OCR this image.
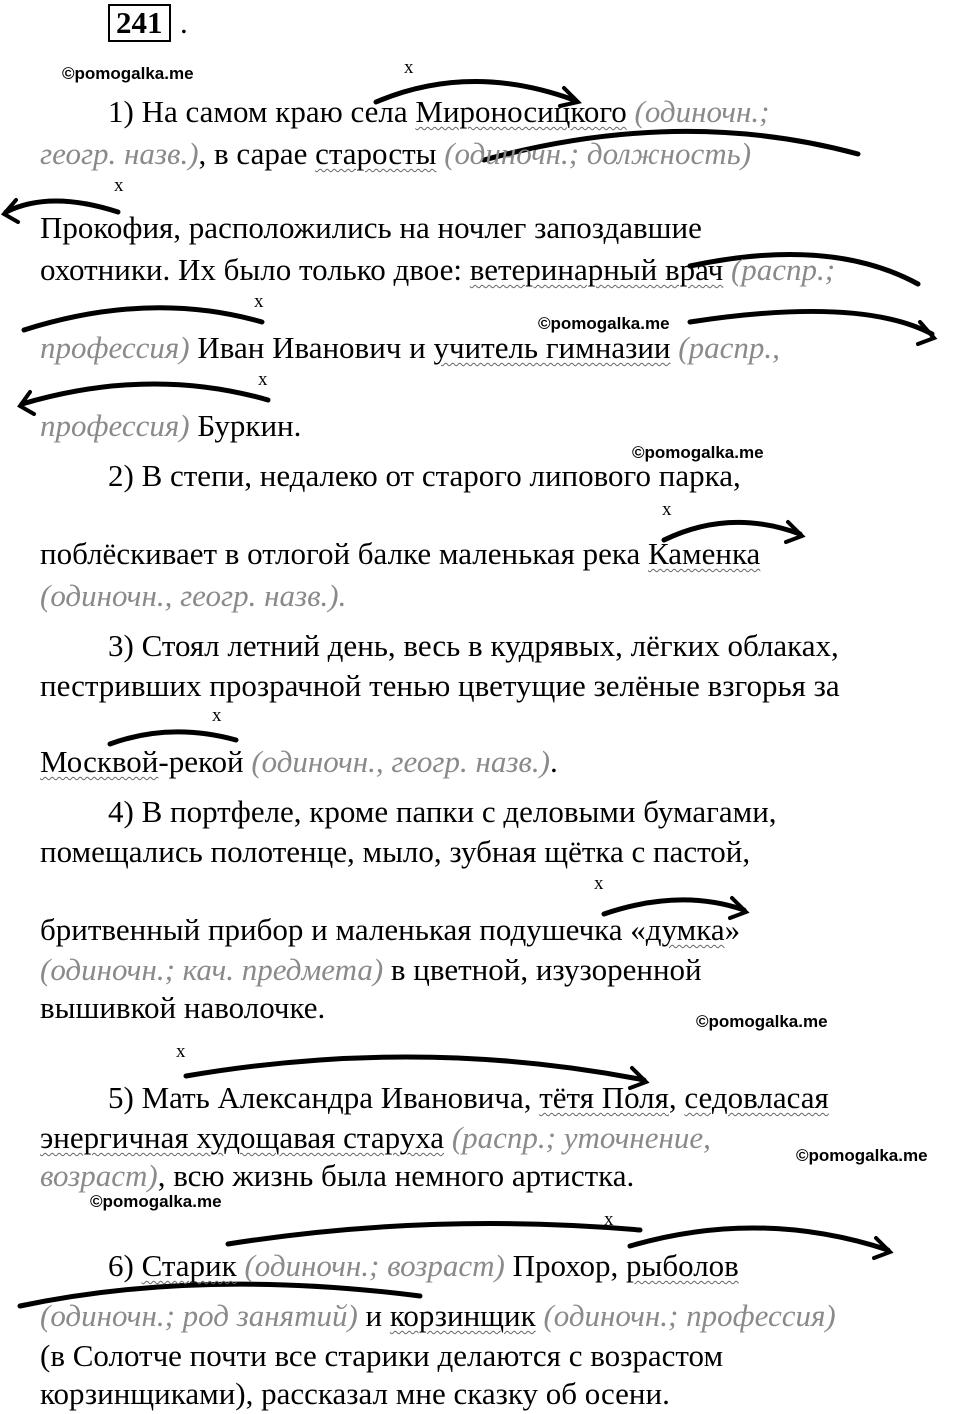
241 .
©pomogalka.me
©pomogalka.me
©pomogalka.me
©pomogalka.me
©pomogalka.me
©pomogalka.me
x
x
x
x
x
x
x
x
x
1) На самом краю села Мироносицкого (одиночн.;
геогр. назв.), в сарае старосты (одиночн.; должность)
Прокофия, расположились на ночлег запоздавшие
охотники. Их было только двое: ветеринарный врач (распр.;
профессия) Иван Иванович и учитель гимназии (распр.,
профессия) Буркин.
2) В степи, недалеко от старого липового парка,
поблёскивает в отлогой балке маленькая река Каменка
(одиночн., геогр. назв.).
3) Стоял летний день, весь в кудрявых, лёгких облаках,
пестривших прозрачной тенью цветущие зелёные взгорья за
Москвой-рекой (одиночн., геогр. назв.).
4) В портфеле, кроме папки с деловыми бумагами,
помещались полотенце, мыло, зубная щётка с пастой,
бритвенный прибор и маленькая подушечка «думка»
(одиночн.; кач. предмета) в цветной, изузоренной
вышивкой наволочке.
5) Мать Александра Ивановича, тётя Поля, седовласая
энергичная худощавая старуха (распр.; уточнение,
возраст), всю жизнь была немного артистка.
6) Старик (одиночн.; возраст) Прохор, рыболов
(одиночн.; род занятий) и корзинщик (одиночн.; профессия)
(в Солотче почти все старики делаются с возрастом
корзинщиками), рассказал мне сказку об осени.
